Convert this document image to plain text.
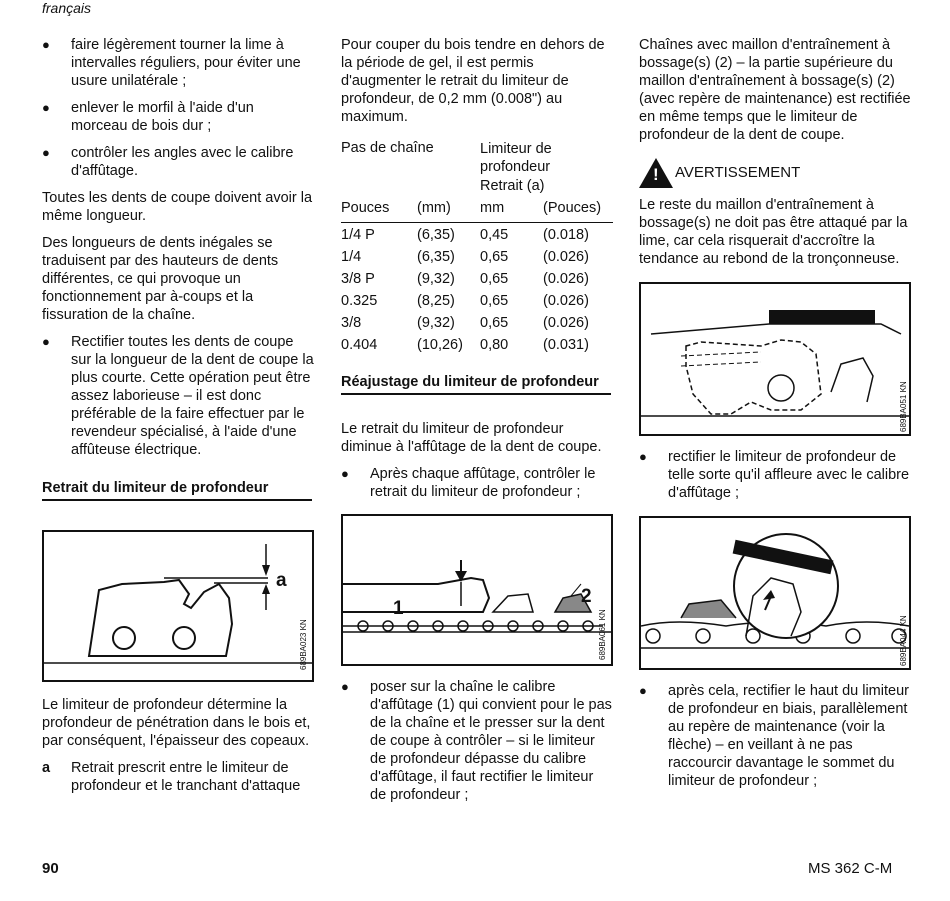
français
● faire légèrement tourner la lime à intervalles réguliers, pour éviter une usure unilatérale ;
● enlever le morfil à l'aide d'un morceau de bois dur ;
● contrôler les angles avec le calibre d'affûtage.

Toutes les dents de coupe doivent avoir la même longueur.

Des longueurs de dents inégales se traduisent par des hauteurs de dents différentes, ce qui provoque un fonctionnement par à-coups et la fissuration de la chaîne.

● Rectifier toutes les dents de coupe sur la longueur de la dent de coupe la plus courte. Cette opération peut être assez laborieuse – il est donc préférable de la faire effectuer par le revendeur spécialisé, à l'aide d'une affûteuse électrique.

Retrait du limiteur de profondeur

a
689BA023 KN

Le limiteur de profondeur détermine la profondeur de pénétration dans le bois et, par conséquent, l'épaisseur des copeaux.

a Retrait prescrit entre le limiteur de profondeur et le tranchant d'attaque

Pour couper du bois tendre en dehors de la période de gel, il est permis d'augmenter le retrait du limiteur de profondeur, de 0,2 mm (0.008") au maximum.

Pas de chaîne		Limiteur de profondeur	
		Retrait (a)	
Pouces	(mm)	mm	(Pouces)
1/4 P	(6,35)	0,45	(0.018)
1/4	(6,35)	0,65	(0.026)
3/8 P	(9,32)	0,65	(0.026)
0.325	(8,25)	0,65	(0.026)
3/8	(9,32)	0,65	(0.026)
0.404	(10,26)	0,80	(0.031)

Réajustage du limiteur de profondeur

Le retrait du limiteur de profondeur diminue à l'affûtage de la dent de coupe.

● Après chaque affûtage, contrôler le retrait du limiteur de profondeur ;
1
2
689BA061 KN
● poser sur la chaîne le calibre d'affûtage (1) qui convient pour le pas de la chaîne et le presser sur la dent de coupe à contrôler – si le limiteur de profondeur dépasse du calibre d'affûtage, il faut rectifier le limiteur de profondeur ;

Chaînes avec maillon d'entraînement à bossage(s) (2) – la partie supérieure du maillon d'entraînement à bossage(s) (2) (avec repère de maintenance) est rectifiée en même temps que le limiteur de profondeur de la dent de coupe.

! AVERTISSEMENT

Le reste du maillon d'entraînement à bossage(s) ne doit pas être attaqué par la lime, car cela risquerait d'accroître la tendance au rebond de la tronçonneuse.

689BA051 KN
● rectifier le limiteur de profondeur de telle sorte qu'il affleure avec le calibre d'affûtage ;
689BA044 KN
● après cela, rectifier le haut du limiteur de profondeur en biais, parallèlement au repère de maintenance (voir la flèche) – en veillant à ne pas raccourcir davantage le sommet du limiteur de profondeur ;
90	MS 362 C-M
